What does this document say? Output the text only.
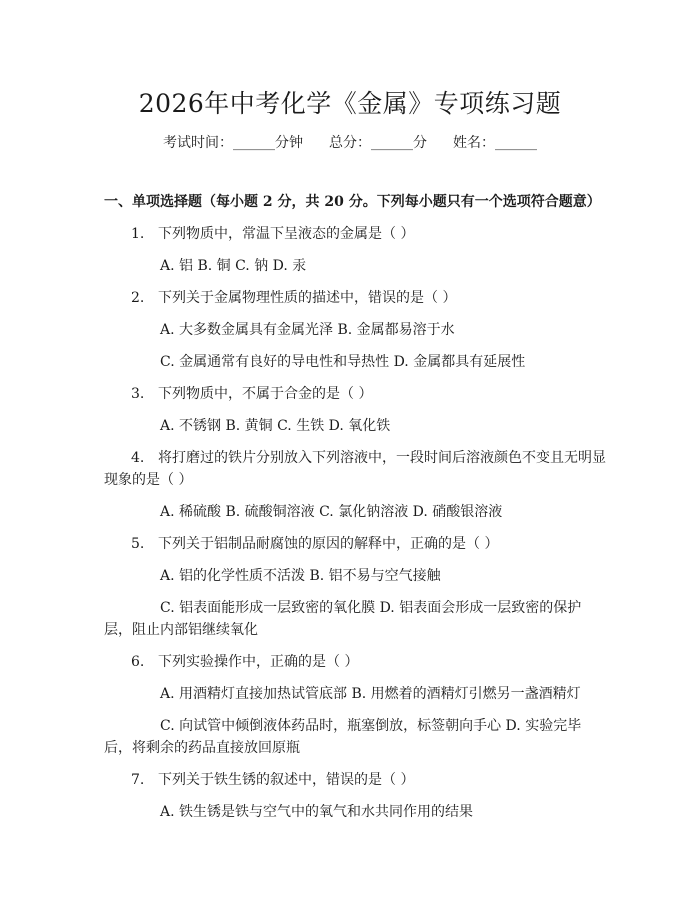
2026年中考化学《金属》专项练习题
考试时间：______分钟 总分：______分 姓名：______
一、单项选择题（每小题 2 分，共 20 分。下列每小题只有一个选项符合题意）
1. 下列物质中，常温下呈液态的金属是（ ）
A. 铝 B. 铜 C. 钠 D. 汞
2. 下列关于金属物理性质的描述中，错误的是（ ）
A. 大多数金属具有金属光泽 B. 金属都易溶于水
C. 金属通常有良好的导电性和导热性 D. 金属都具有延展性
3. 下列物质中，不属于合金的是（ ）
A. 不锈钢 B. 黄铜 C. 生铁 D. 氧化铁
4. 将打磨过的铁片分别放入下列溶液中，一段时间后溶液颜色不变且无明显
现象的是（ ）
A. 稀硫酸 B. 硫酸铜溶液 C. 氯化钠溶液 D. 硝酸银溶液
5. 下列关于铝制品耐腐蚀的原因的解释中，正确的是（ ）
A. 铝的化学性质不活泼 B. 铝不易与空气接触
C. 铝表面能形成一层致密的氧化膜 D. 铝表面会形成一层致密的保护
层，阻止内部铝继续氧化
6. 下列实验操作中，正确的是（ ）
A. 用酒精灯直接加热试管底部 B. 用燃着的酒精灯引燃另一盏酒精灯
C. 向试管中倾倒液体药品时，瓶塞倒放，标签朝向手心 D. 实验完毕
后，将剩余的药品直接放回原瓶
7. 下列关于铁生锈的叙述中，错误的是（ ）
A. 铁生锈是铁与空气中的氧气和水共同作用的结果
